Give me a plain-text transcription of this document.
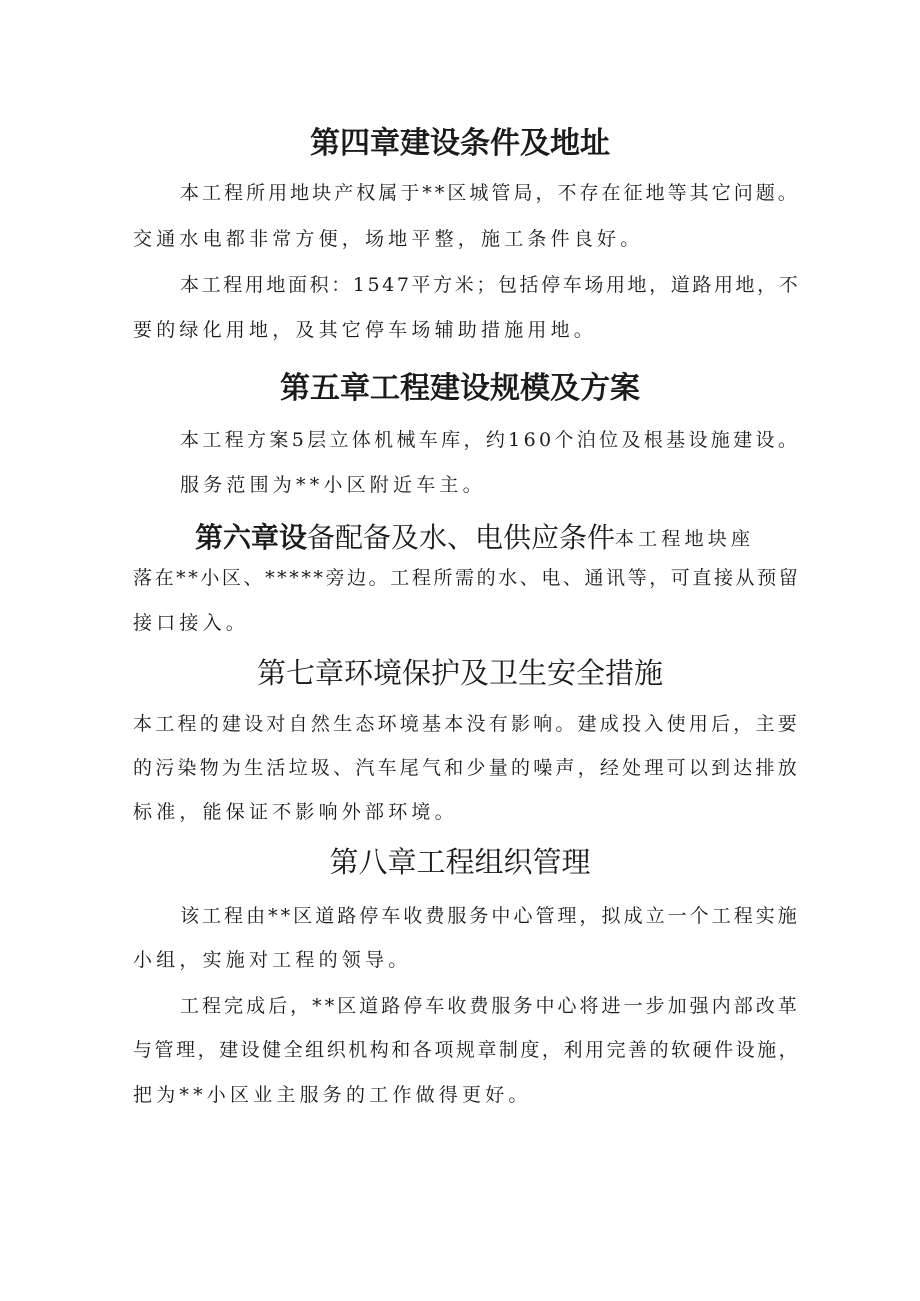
第四章建设条件及地址
本工程所用地块产权属于**区城管局，不存在征地等其它问题。
交通水电都非常方便，场地平整，施工条件良好。
本工程用地面积：1547平方米；包括停车场用地，道路用地，不
要的绿化用地，及其它停车场辅助措施用地。
第五章工程建设规模及方案
本工程方案5层立体机械车库，约160个泊位及根基设施建设。
服务范围为**小区附近车主。
第六章设备配备及水、电供应条件本工程地块座
落在**小区、*****旁边。工程所需的水、电、通讯等，可直接从预留
接口接入。
第七章环境保护及卫生安全措施
本工程的建设对自然生态环境基本没有影响。建成投入使用后，主要
的污染物为生活垃圾、汽车尾气和少量的噪声，经处理可以到达排放
标准，能保证不影响外部环境。
第八章工程组织管理
该工程由**区道路停车收费服务中心管理，拟成立一个工程实施
小组，实施对工程的领导。
工程完成后，**区道路停车收费服务中心将进一步加强内部改革
与管理，建设健全组织机构和各项规章制度，利用完善的软硬件设施，
把为**小区业主服务的工作做得更好。
